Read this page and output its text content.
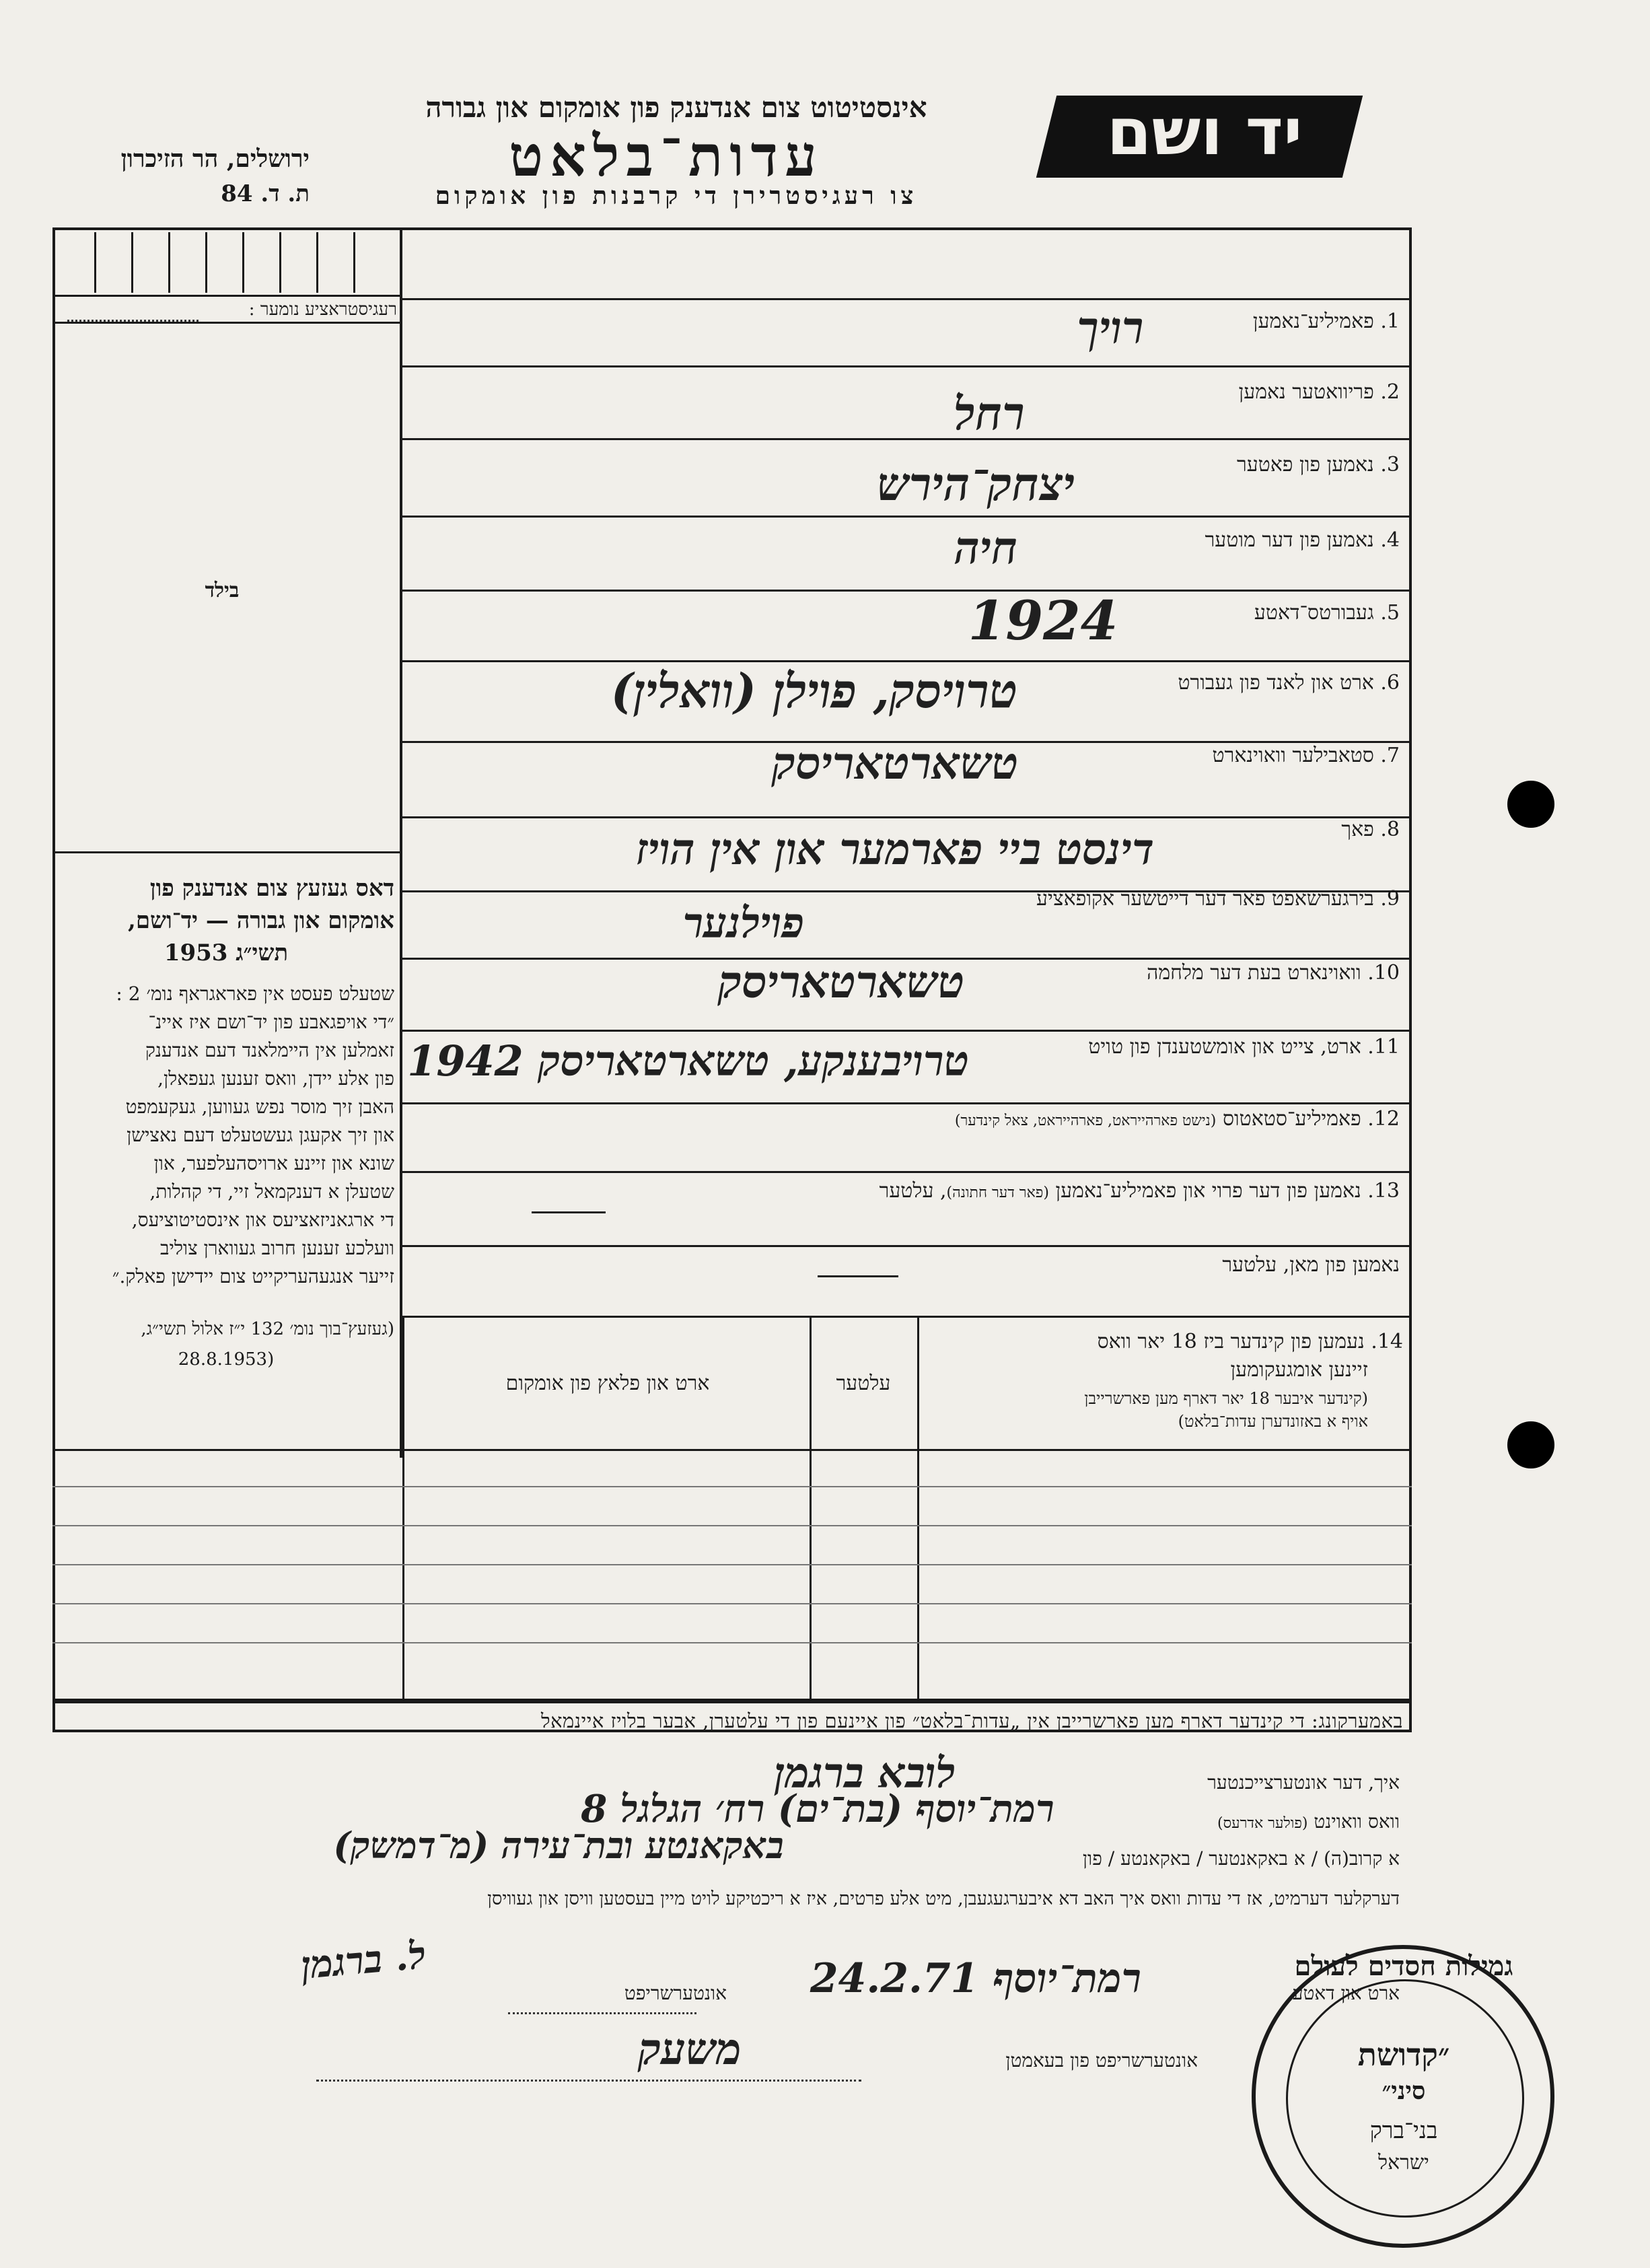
יד ושם
אינסטיטוט צום אנדענק פון אומקום און גבורה
עדות־בלאט
צו רעגיסטרירן די קרבנות פון אומקום
ירושלים, הר הזיכרון
ת. ד. 84
רעגיסטראציע נומער :
בילד
דאס געזעץ צום אנדענק פון
אומקום און גבורה — יד־ושם,
תשי״ג 1953
שטעלט פעסט אין פאראגראף נומ׳ 2 :
״די אויפגאבע פון יד־ושם איז איינ־
זאמלען אין היימלאנד דעם אנדענק
פון אלע יידן, וואס זענען געפאלן,
האבן זיך מוסר נפש געווען, געקעמפט
און זיך אקעגן געשטעלט דעם נאצישן
שונא און זיינע ארויסהעלפער, און
שטעלן א דענקמאל זיי, די קהלות,
די ארגאניזאציעס און אינסטיטוציעס,
וועלכע זענען חרוב געווארן צוליב
זייער אנגעהעריקייט צום יידישן פאלק.״
(געזעץ־בוך נומ׳ 132 י״ז אלול תשי״ג,
(28.8.1953
1. פאמיליע־נאמען
רויך
2. פריוואטער נאמען
רחל
3. נאמען פון פאטער
יצחק־הירש
4. נאמען פון דער מוטער
חיה
5. געבורטס־דאטע
1924
6. ארט און לאנד פון געבורט
טרויסק, פוילן (וואלין)
7. סטאבילער וואוינארט
טשארטאריסק
8. פאך
דינסט ביי פארמער און אין הויז
9. בירגערשאפט פאר דער דייטשער אקופאציע
פוילנער
10. וואוינארט בעת דער מלחמה
טשארטאריסק
11. ארט, צייט און אומשטענדן פון טויט
טרויבענקע, טשארטאריסק 1942
12. פאמיליע־סטאטוס (נישט פארהייראט, פארהייראט, צאל קינדער)
13. נאמען פון דער פרוי און פאמיליע־נאמען (פאר דער חתונה), עלטער
נאמען פון מאן, עלטער
14. נעמען פון קינדער ביז 18 יאר וואס
זיינען אומגעקומען
(קינדער איבער 18 יאר דארף מען פארשרייבן
אויף א באזונדערן עדות־בלאט)
עלטער
ארט און פלאץ פון אומקום
באמערקונג: די קינדער דארף מען פארשרייבן אין „עדות־בלאט״ פון איינעם פון די עלטערן, אבער בלויז איינמאל
איך, דער אונטערצייכנטער
לובא ברגמן
וואס וואוינט (פולער אדרעס)
רמת־יוסף (בת־ים) רח׳ הגלגל 8
א קרוב(ה) / א באקאנטער / באקאנטע / פון
באקאנטע ובת־עירה (מ־דמשק)
דערקלער דערמיט, אז די עדות וואס איך האב דא איבערגעגעבן, מיט אלע פרטים, איז א ריכטיקע לויט מיין בעסטען וויסן און געוויסן
ארט און דאטע
רמת־יוסף 24.2.71
אונטערשריפט
ל. ברגמן
אונטערשריפט פון בעאמטן
משעק
גמילות חסדים לעולם
״קדושת
סיני״
בני־ברק
ישראל
